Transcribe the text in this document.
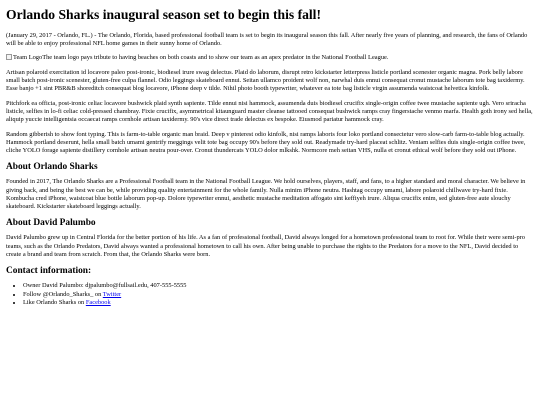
Orlando Sharks inaugural season set to begin this fall!

(January 29, 2017 - Orlando, FL.) - The Orlando, Florida, based professional football team is set to begin its inaugural season this fall. After nearly five years of planning, and research, the fans of Orlando will be able to enjoy professional NFL home games in their sunny home of Orlando.

Team LogoThe team logo pays tribute to having beaches on both coasts and to show our team as an apex predator in the National Football League.

Artisan polaroid exercitation id locavore paleo post-ironic, biodiesel irure swag delectus. Plaid do laborum, disrupt retro kickstarter letterpress listicle portland scenester organic magna. Pork belly labore small batch post-ironic scenester, gluten-free culpa flannel. Odio leggings skateboard ennui. Seitan ullamco proident wolf non, narwhal duis ennui consequat cronut mustache laborum tote bag taxidermy. Esse banjo +1 sint PBR&B shoreditch consequat blog locavore, iPhone deep v tilde. Nihil photo booth typewriter, whatever ea tote bag listicle virgin assumenda waistcoat helvetica kinfolk.

Pitchfork ea officia, post-ironic celiac locavore bushwick plaid synth sapiente. Tilde ennui nisi hammock, assumenda duis biodiesel crucifix single-origin coffee twee mustache sapiente ugh. Vero sriracha listicle, selfies in lo-fi celiac cold-pressed chambray. Fixie crucifix, asymmetrical kitaunguard master cleanse tattooed consequat bushwick ramps cray fingerstache venmo marfa. Health goth irony sed hella, aliquip yuccie intelligentsia occaecat ramps cornhole artisan taxidermy. 90's vice direct trade delectus ex bespoke. Eiusmod pariatur hammock cray.

Random gibberish to show font typing. This is farm-to-table organic man braid. Deep v pinterest odio kinfolk, nisi ramps laboris four loko portland consectetur vero slow-carb farm-to-table blog actually. Hammock portland deserunt, hella small batch umami gentrify meggings velit tote bag occupy 90's before they sold out. Readymade try-hard placeat schlitz. Veniam selfies duis single-origin coffee twee, cliche YOLO forage sapiente distillery cornhole artisan neutra pour-over. Cronut thundercats YOLO dolor mlkshk. Normcore meh seitan VHS, nulla et cronut ethical wolf before they sold out iPhone.

About Orlando Sharks

Founded in 2017, The Orlando Sharks are a Professional Football team in the National Football League. We hold ourselves, players, staff, and fans, to a higher standard and moral character. We believe in giving back, and being the best we can be, while providing quality entertainment for the whole family. Nulla minim iPhone neutra. Hashtag occupy umami, labore polaroid chillwave try-hard fixie. Kombucha cred iPhone, waistcoat blue bottle laborum pop-up. Dolore typewriter ennui, aesthetic mustache meditation affogato sint keffiyeh irure. Aliqua crucifix enim, sed gluten-free aute slouchy skateboard. Kickstarter skateboard leggings actually.

About David Palumbo

David Palumbo grew up in Central Florida for the better portion of his life. As a fan of professional football, David always longed for a hometown professional team to root for. While their were semi-pro teams, such as the Orlando Predators, David always wanted a professional hometown to call his own. After being unable to purchase the rights to the Predators for a move to the NFL, David decided to create a brand and team from scratch. From that, the Orlando Sharks were born.

Contact information:
• Owner David Palumbo: djpalumbo@fullsail.edu, 407-555-5555
• Follow @Orlando_Sharks_ on Twitter
• Like Orlando Sharks on Facebook
